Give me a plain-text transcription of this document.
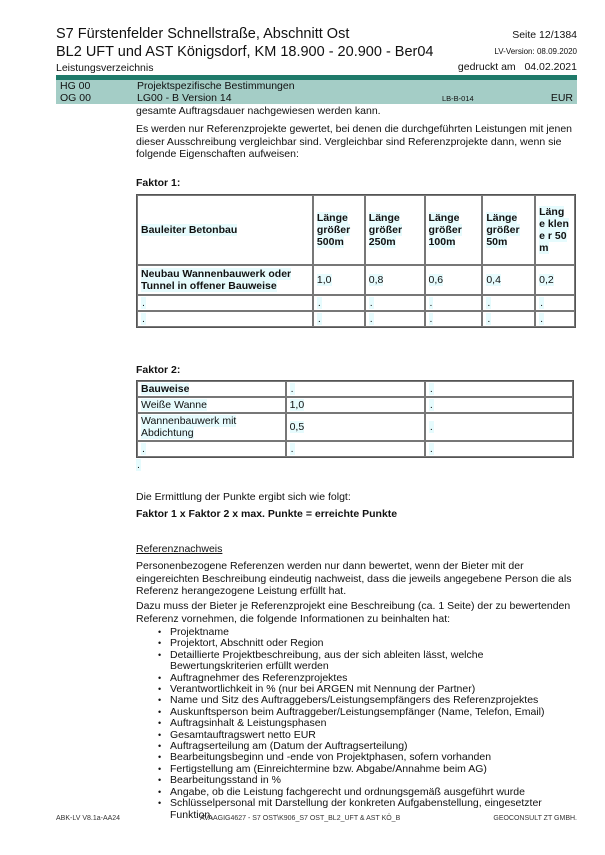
S7 Fürstenfelder Schnellstraße, Abschnitt Ost
BL2 UFT und AST Königsdorf, KM 18.900 - 20.900 - Ber04
Leistungsverzeichnis
Seite 12/1384
LV-Version: 08.09.2020
gedruckt am 04.02.2021
HG 00	Projektspezifische Bestimmungen
OG 00	LG00 - B Version 14	LB-B-014	EUR

gesamte Auftragsdauer nachgewiesen werden kann.

Es werden nur Referenzprojekte gewertet, bei denen die durchgeführten Leistungen mit jenen dieser Ausschreibung vergleichbar sind. Vergleichbar sind Referenzprojekte dann, wenn sie folgende Eigenschaften aufweisen:

Faktor 1:
Bauleiter Betonbau	Länge größer 500m	Länge größer 250m	Länge größer 100m	Länge größer 50m	Läng e klene r 50m
Neubau Wannenbauwerk oder Tunnel in offener Bauweise	1,0	0,8	0,6	0,4	0,2
.	.	.	.	.	.
.	.	.	.	.	.
Faktor 2:
Bauweise	.	.
Weiße Wanne	1,0	.
Wannenbauwerk mit Abdichtung	0,5	.
.	.	.
.
Die Ermittlung der Punkte ergibt sich wie folgt:
Faktor 1 x Faktor 2 x max. Punkte = erreichte Punkte
Referenznachweis

Personenbezogene Referenzen werden nur dann bewertet, wenn der Bieter mit der eingereichten Beschreibung eindeutig nachweist, dass die jeweils angegebene Person die als Referenz herangezogene Leistung erfüllt hat.

Dazu muss der Bieter je Referenzprojekt eine Beschreibung (ca. 1 Seite) der zu bewertenden Referenz vornehmen, die folgende Informationen zu beinhalten hat:

• Projektname
• Projektort, Abschnitt oder Region
• Detaillierte Projektbeschreibung, aus der sich ableiten lässt, welche Bewertungskriterien erfüllt werden
• Auftragnehmer des Referenzprojektes
• Verantwortlichkeit in % (nur bei ARGEN mit Nennung der Partner)
• Name und Sitz des Auftraggebers/Leistungsempfängers des Referenzprojektes
• Auskunftsperson beim Auftraggeber/Leistungsempfänger (Name, Telefon, Email)
• Auftragsinhalt & Leistungsphasen
• Gesamtauftragswert netto EUR
• Auftragserteilung am (Datum der Auftragserteilung)
• Bearbeitungsbeginn und -ende von Projektphasen, sofern vorhanden
• Fertigstellung am (Einreichtermine bzw. Abgabe/Annahme beim AG)
• Bearbeitungsstand in %
• Angabe, ob die Leistung fachgerecht und ordnungsgemäß ausgeführt wurde
• Schlüsselpersonal mit Darstellung der konkreten Aufgabenstellung, eingesetzter Funktion,
ABK-LV V8.1a-AA24	AVAAGIG4627 - S7 OST\K906_S7 OST_BL2_UFT & AST KÖ_B	GEOCONSULT ZT GMBH.
